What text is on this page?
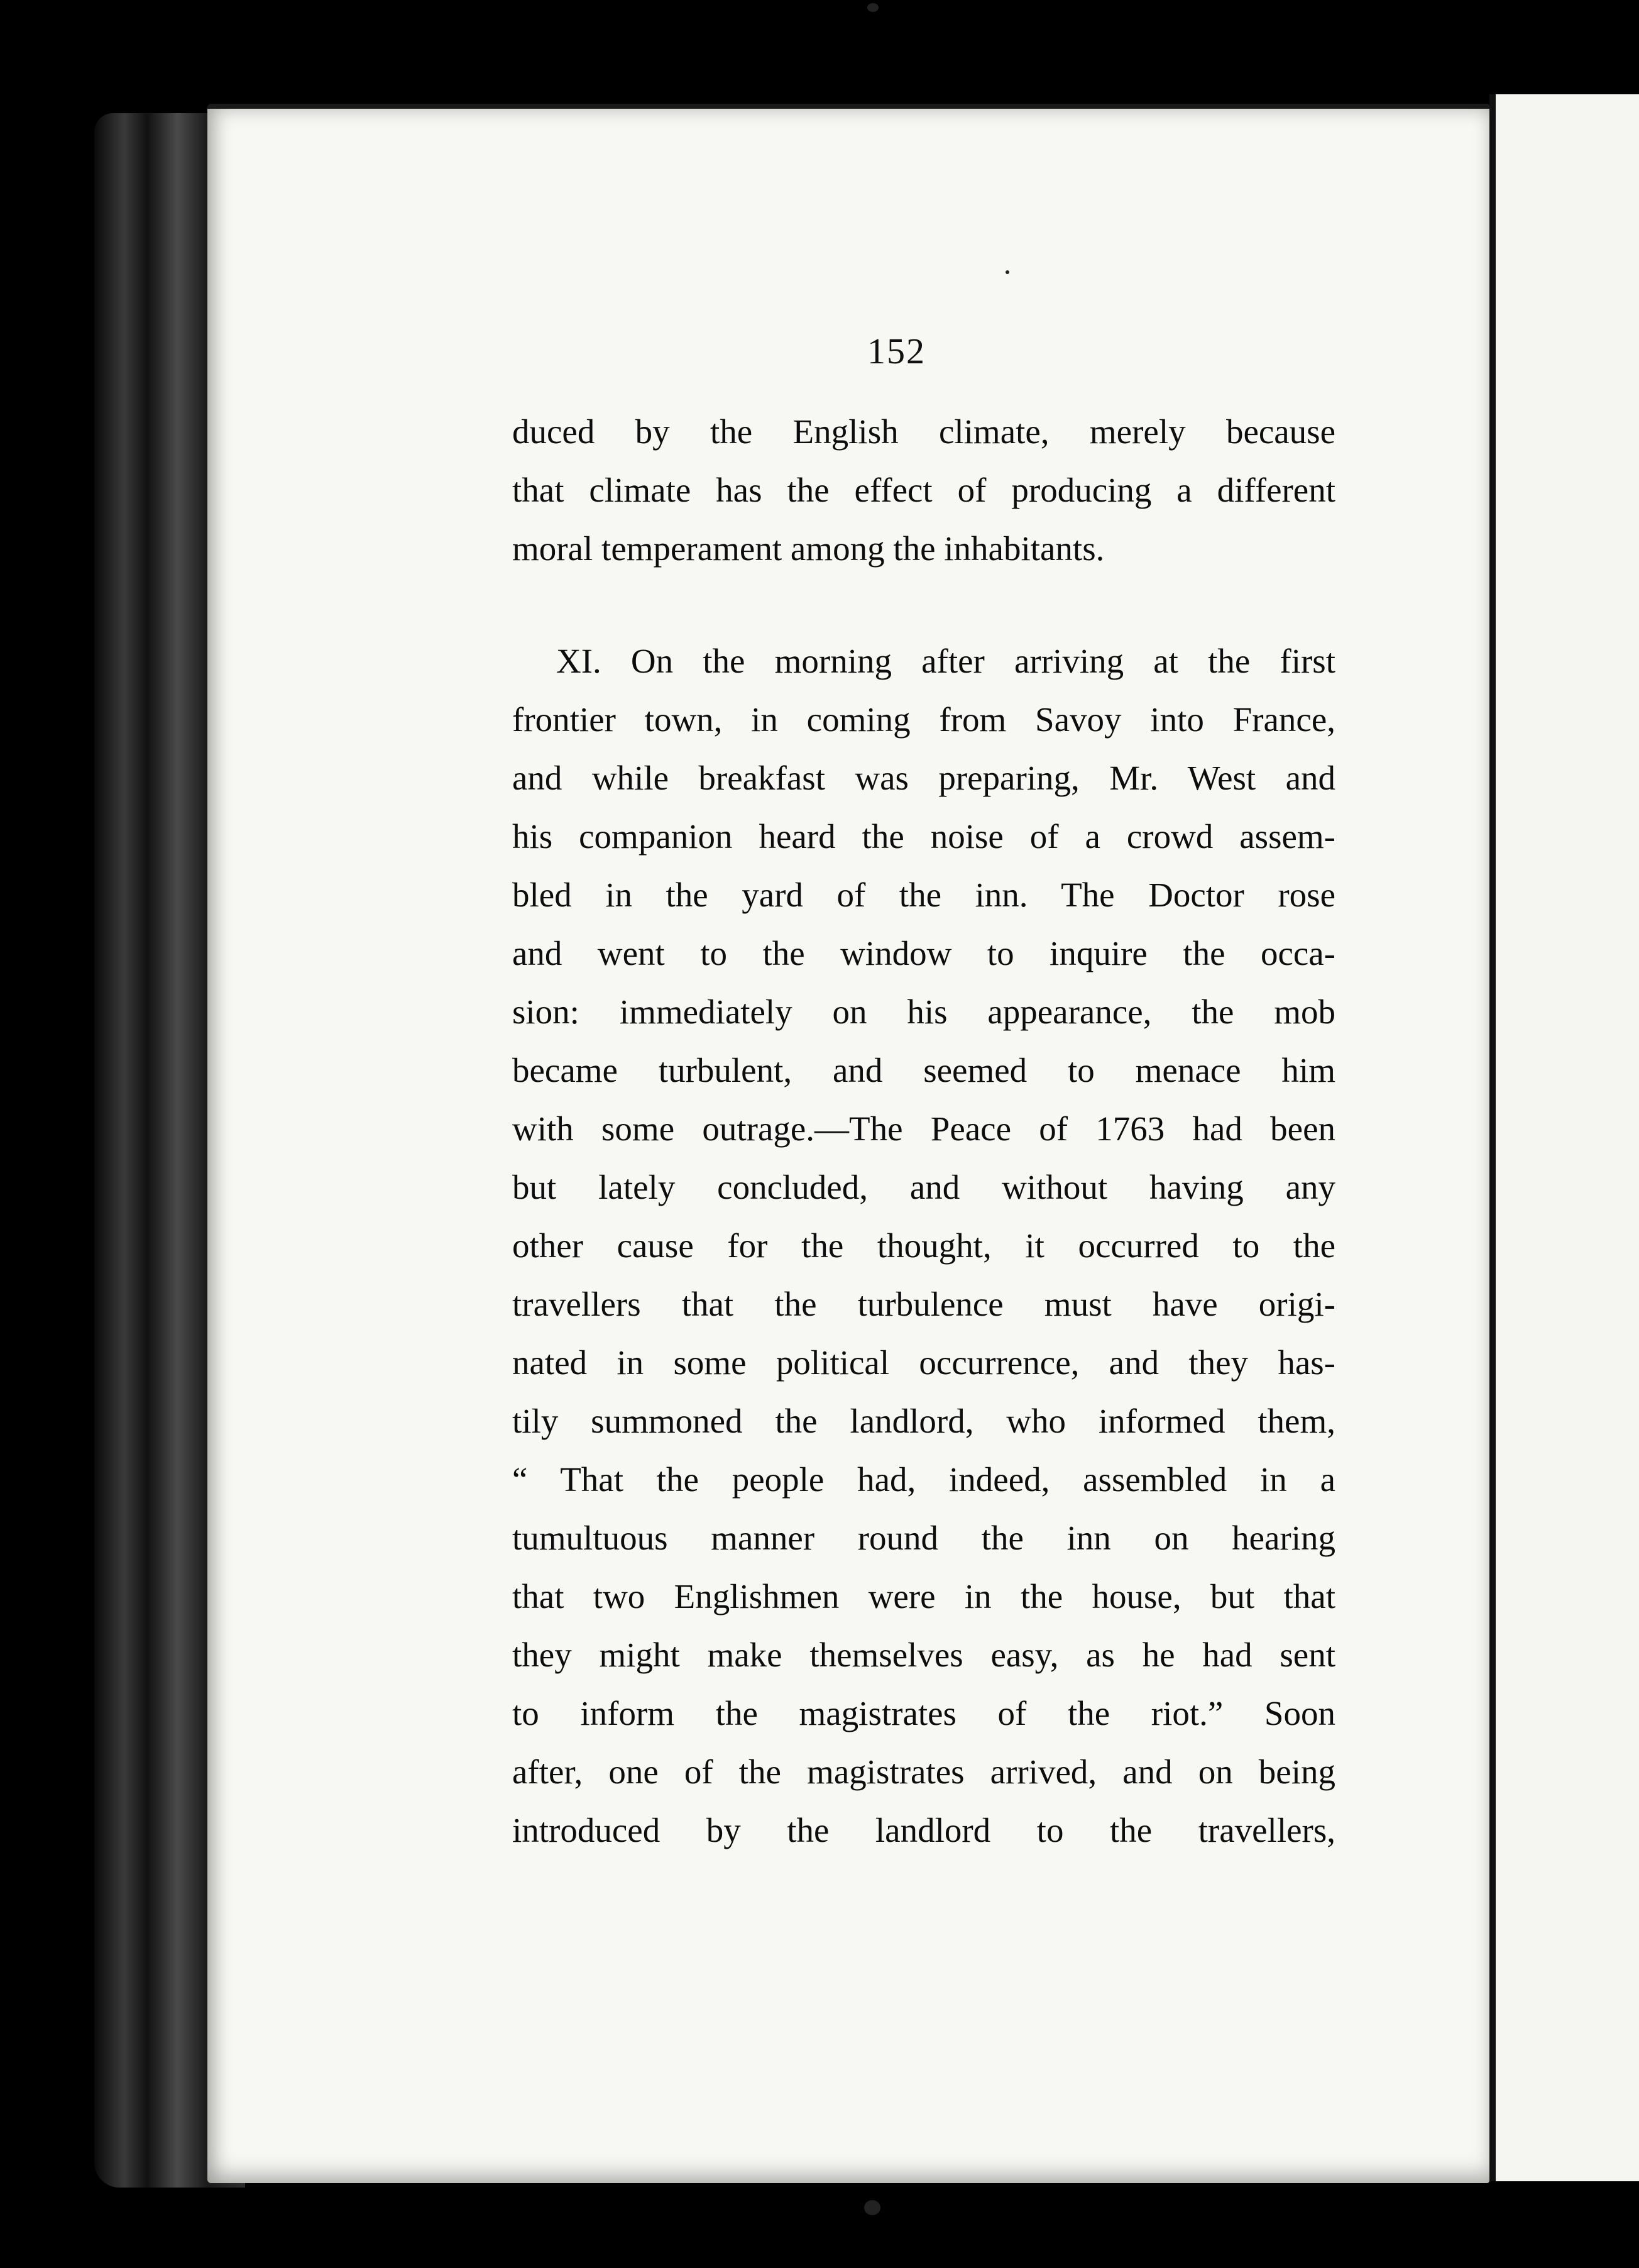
152
duced by the English climate, merely because
that climate has the effect of producing a different
moral temperament among the inhabitants.
XI. On the morning after arriving at the first
frontier town, in coming from Savoy into France,
and while breakfast was preparing, Mr. West and
his companion heard the noise of a crowd assem-
bled in the yard of the inn. The Doctor rose
and went to the window to inquire the occa-
sion: immediately on his appearance, the mob
became turbulent, and seemed to menace him
with some outrage.—The Peace of 1763 had been
but lately concluded, and without having any
other cause for the thought, it occurred to the
travellers that the turbulence must have origi-
nated in some political occurrence, and they has-
tily summoned the landlord, who informed them,
“ That the people had, indeed, assembled in a
tumultuous manner round the inn on hearing
that two Englishmen were in the house, but that
they might make themselves easy, as he had sent
to inform the magistrates of the riot.” Soon
after, one of the magistrates arrived, and on being
introduced by the landlord to the travellers,
